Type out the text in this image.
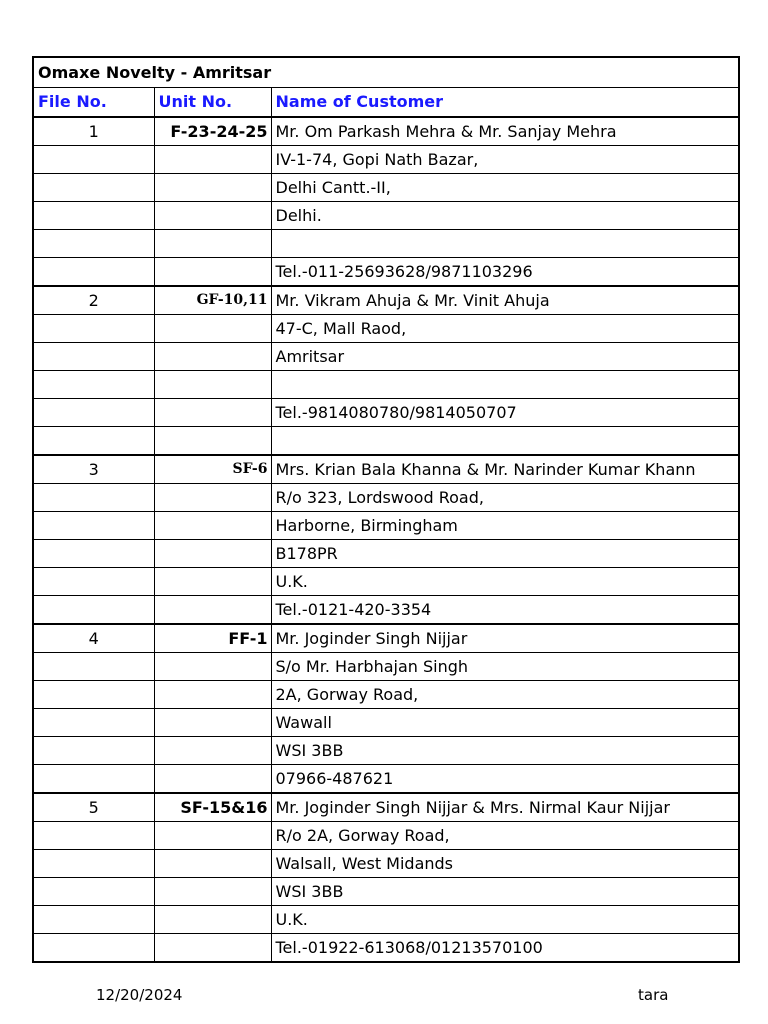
Omaxe Novelty - Amritsar		
File No.	Unit No.	Name of Customer
1	F-23-24-25	Mr. Om Parkash Mehra & Mr. Sanjay Mehra
		IV-1-74, Gopi Nath Bazar,
		Delhi Cantt.-II,
		Delhi.

		Tel.-011-25693628/9871103296
2	GF-10,11	Mr. Vikram Ahuja & Mr. Vinit Ahuja
		47-C, Mall Raod,
		Amritsar

		Tel.-9814080780/9814050707

3	SF-6	Mrs. Krian Bala Khanna & Mr. Narinder Kumar Khann
		R/o 323, Lordswood Road,
		Harborne, Birmingham
		B178PR
		U.K.
		Tel.-0121-420-3354
4	FF-1	Mr. Joginder Singh Nijjar
		S/o Mr. Harbhajan Singh
		2A, Gorway Road,
		Wawall
		WSI 3BB
		07966-487621
5	SF-15&16	Mr. Joginder Singh Nijjar & Mrs. Nirmal Kaur Nijjar
		R/o 2A, Gorway Road,
		Walsall, West Midands
		WSI 3BB
		U.K.
		Tel.-01922-613068/01213570100
12/20/2024	tara
